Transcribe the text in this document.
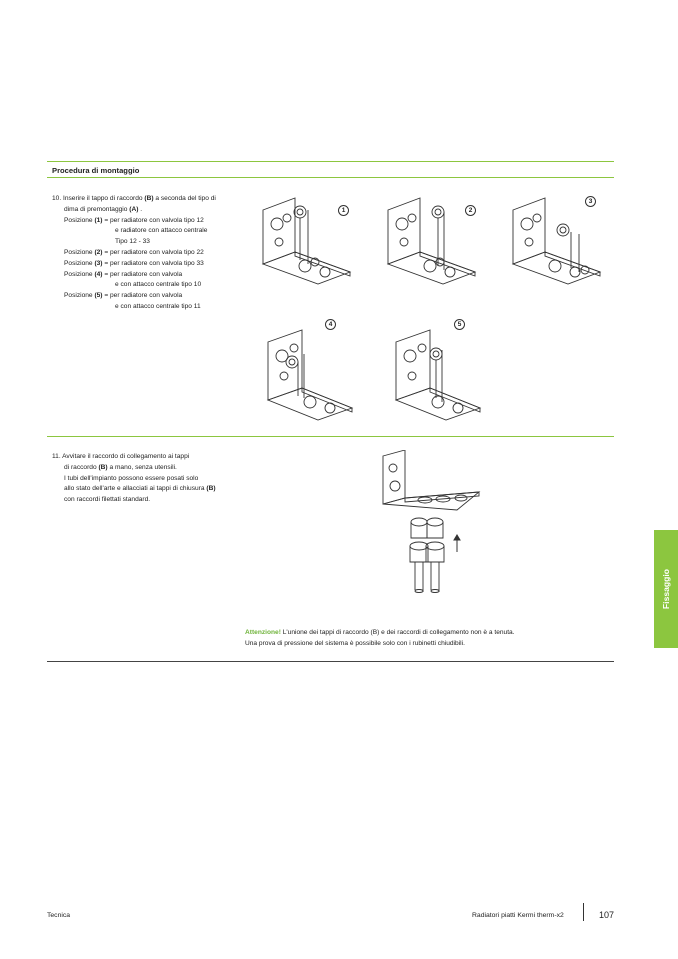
Procedura di montaggio
10. Inserire il tappo di raccordo (B) a seconda del tipo di
dima di premontaggio (A) .
Posizione (1) = per radiatore con valvola tipo 12
e radiatore con attacco centrale
Tipo 12 - 33
Posizione (2) = per radiatore con valvola tipo 22
Posizione (3) = per radiatore con valvola tipo 33
Posizione (4) = per radiatore con valvola
e con attacco centrale tipo 10
Posizione (5) = per radiatore con valvola
e con attacco centrale tipo 11
1	2
3
4	5
11. Avvitare il raccordo di collegamento ai tappi
di raccordo (B) a mano, senza utensili.
I tubi dell'impianto possono essere posati solo
allo stato dell'arte e allacciati ai tappi di chiusura (B)
con raccordi filettati standard.
Attenzione! L'unione dei tappi di raccordo (B) e dei raccordi di collegamento non è a tenuta.
Una prova di pressione del sistema è possibile solo con i rubinetti chiudibili.
Fissaggio
Tecnica	Radiatori piatti Kermi therm-x2	107
